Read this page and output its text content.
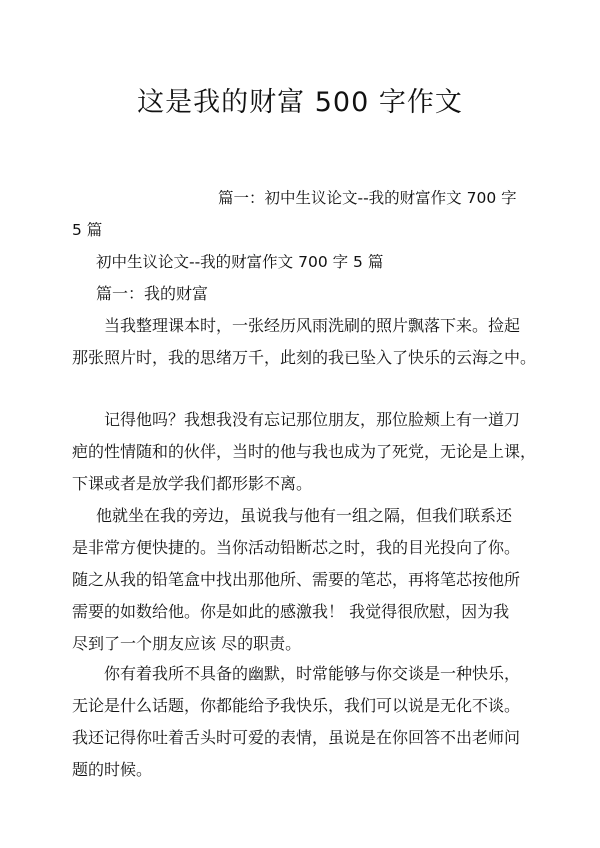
这是我的财富 500 字作文
篇一：初中生议论文--我的财富作文 700 字
5 篇
初中生议论文--我的财富作文 700 字 5 篇
篇一：我的财富
当我整理课本时，一张经历风雨洗刷的照片飘落下来。捡起
那张照片时，我的思绪万千，此刻的我已坠入了快乐的云海之中。
记得他吗？我想我没有忘记那位朋友，那位脸颊上有一道刀
疤的性情随和的伙伴，当时的他与我也成为了死党，无论是上课，
下课或者是放学我们都形影不离。
他就坐在我的旁边，虽说我与他有一组之隔，但我们联系还
是非常方便快捷的。当你活动铅断芯之时，我的目光投向了你。
随之从我的铅笔盒中找出那他所、需要的笔芯，再将笔芯按他所
需要的如数给他。你是如此的感激我！ 我觉得很欣慰，因为我
尽到了一个朋友应该 尽的职责。
你有着我所不具备的幽默，时常能够与你交谈是一种快乐，
无论是什么话题，你都能给予我快乐，我们可以说是无化不谈。
我还记得你吐着舌头时可爱的表情，虽说是在你回答不出老师问
题的时候。
